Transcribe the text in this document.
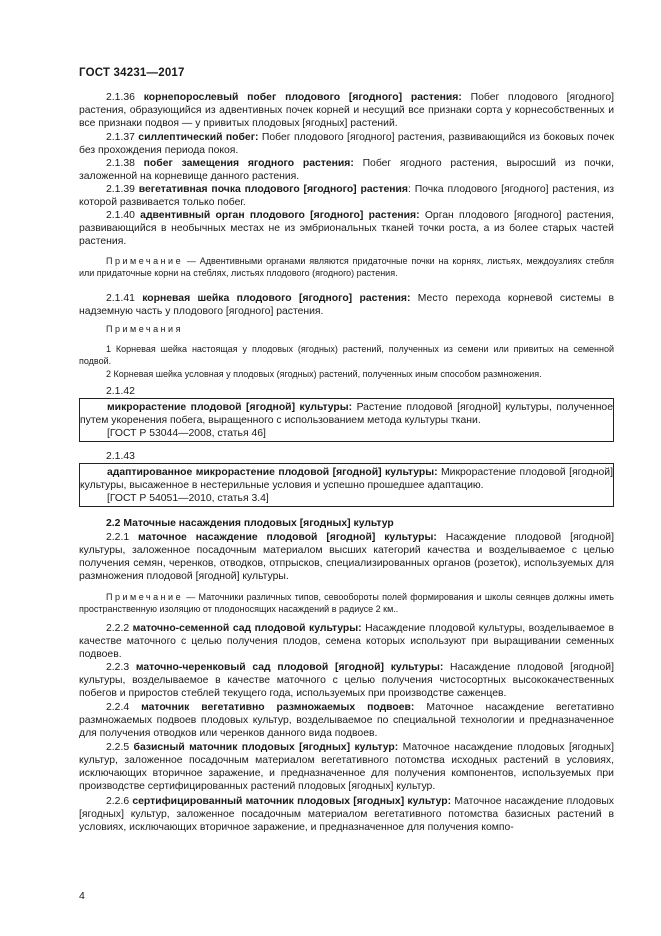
ГОСТ 34231—2017

2.1.36 корнепорослевый побег плодового [ягодного] растения: Побег плодового [ягодного] растения, образующийся из адвентивных почек корней и несущий все признаки сорта у корнесобственных и все признаки подвоя — у привитых плодовых [ягодных] растений.

2.1.37 силлептический побег: Побег плодового [ягодного] растения, развивающийся из боковых почек без прохождения периода покоя.

2.1.38 побег замещения ягодного растения: Побег ягодного растения, выросший из почки, заложенной на корневище данного растения.

2.1.39 вегетативная почка плодового [ягодного] растения: Почка плодового [ягодного] растения, из которой развивается только побег.

2.1.40 адвентивный орган плодового [ягодного] растения: Орган плодового [ягодного] растения, развивающийся в необычных местах не из эмбриональных тканей точки роста, а из более старых частей растения.

Примечание — Адвентивными органами являются придаточные почки на корнях, листьях, междоузлиях стебля или придаточные корни на стеблях, листьях плодового (ягодного) растения.

2.1.41 корневая шейка плодового [ягодного] растения: Место перехода корневой системы в надземную часть у плодового [ягодного] растения.

Примечания

1 Корневая шейка настоящая у плодовых (ягодных) растений, полученных из семени или привитых на семенной подвой.

2 Корневая шейка условная у плодовых (ягодных) растений, полученных иным способом размножения.

2.1.42

микрорастение плодовой [ягодной] культуры: Растение плодовой [ягодной] культуры, полученное путем укоренения побега, выращенного с использованием метода культуры ткани.

[ГОСТ Р 53044—2008, статья 46]

2.1.43

адаптированное микрорастение плодовой [ягодной] культуры: Микрорастение плодовой [ягодной] культуры, высаженное в нестерильные условия и успешно прошедшее адаптацию.

[ГОСТ Р 54051—2010, статья 3.4]

2.2 Маточные насаждения плодовых [ягодных] культур

2.2.1 маточное насаждение плодовой [ягодной] культуры: Насаждение плодовой [ягодной] культуры, заложенное посадочным материалом высших категорий качества и возделываемое с целью получения семян, черенков, отводков, отпрысков, специализированных органов (розеток), используемых для размножения плодовой [ягодной] культуры.

Примечание — Маточники различных типов, севообороты полей формирования и школы сеянцев должны иметь пространственную изоляцию от плодоносящих насаждений в радиусе 2 км..

2.2.2 маточно-семенной сад плодовой культуры: Насаждение плодовой культуры, возделываемое в качестве маточного с целью получения плодов, семена которых используют при выращивании семенных подвоев.

2.2.3 маточно-черенковый сад плодовой [ягодной] культуры: Насаждение плодовой [ягодной] культуры, возделываемое в качестве маточного с целью получения чистосортных высококачественных побегов и приростов стеблей текущего года, используемых при производстве саженцев.

2.2.4 маточник вегетативно размножаемых подвоев: Маточное насаждение вегетативно размножаемых подвоев плодовых культур, возделываемое по специальной технологии и предназначенное для получения отводков или черенков данного вида подвоев.

2.2.5 базисный маточник плодовых [ягодных] культур: Маточное насаждение плодовых [ягодных] культур, заложенное посадочным материалом вегетативного потомства исходных растений в условиях, исключающих вторичное заражение, и предназначенное для получения компонентов, используемых при производстве сертифицированных растений плодовых [ягодных] культур.

2.2.6 сертифицированный маточник плодовых [ягодных] культур: Маточное насаждение плодовых [ягодных] культур, заложенное посадочным материалом вегетативного потомства базисных растений в условиях, исключающих вторичное заражение, и предназначенное для получения компо-

4
